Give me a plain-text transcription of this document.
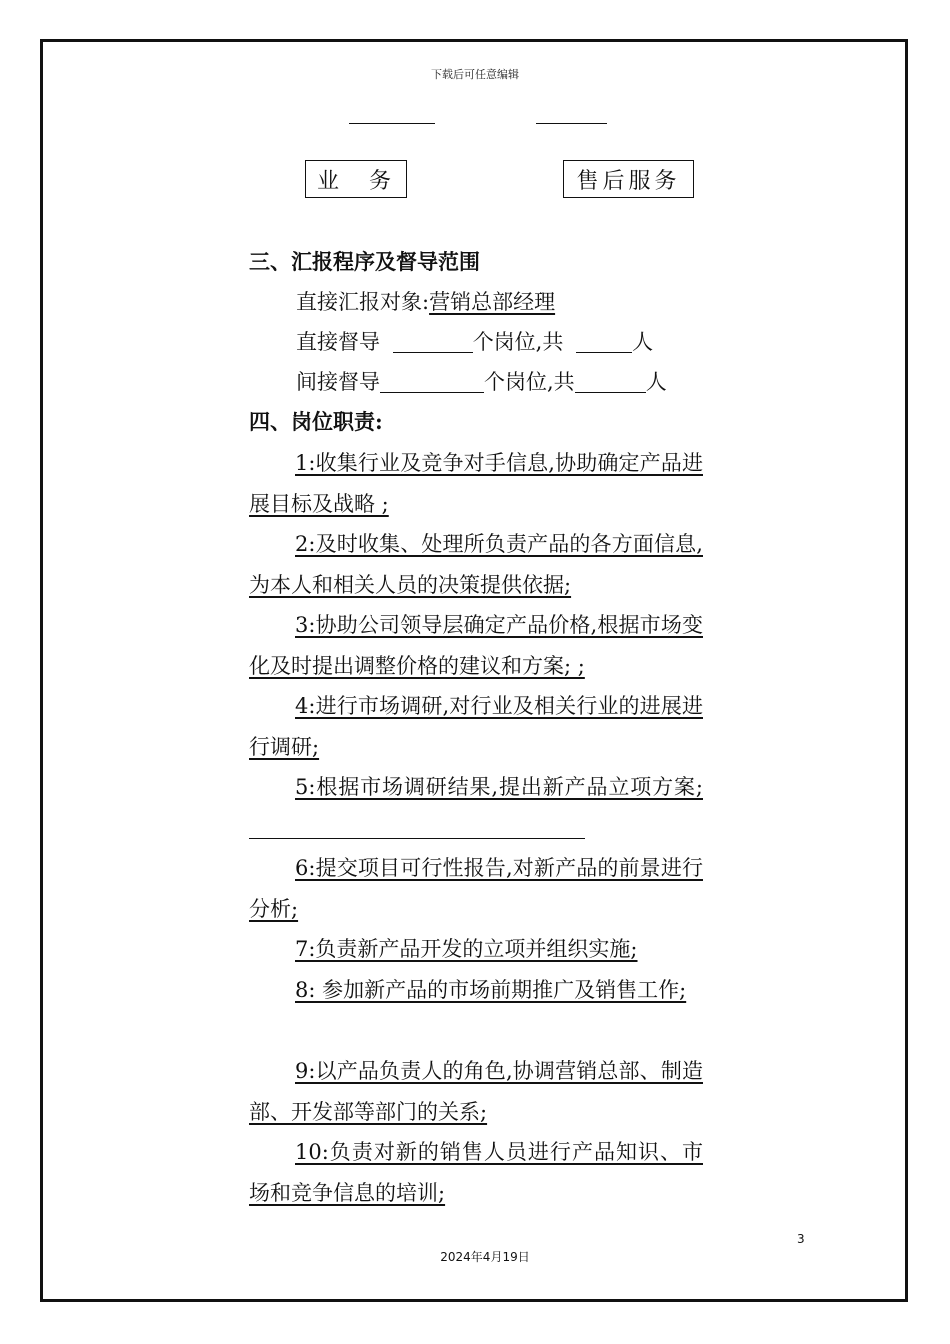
下载后可任意编辑
业　务	售后服务
三、汇报程序及督导范围
直接汇报对象:营销总部经理
直接督导	个岗位,共	人
间接督导	个岗位,共	人
四、岗位职责:
1:收集行业及竞争对手信息,协助确定产品进展目标及战略 ;
2:及时收集、处理所负责产品的各方面信息,为本人和相关人员的决策提供依据;
3:协助公司领导层确定产品价格,根据市场变化及时提出调整价格的建议和方案; ;
4:进行市场调研,对行业及相关行业的进展进行调研;
5:根据市场调研结果,提出新产品立项方案;
6:提交项目可行性报告,对新产品的前景进行分析;
7:负责新产品开发的立项并组织实施;
8: 参加新产品的市场前期推广及销售工作;
9:以产品负责人的角色,协调营销总部、制造部、开发部等部门的关系;
10:负责对新的销售人员进行产品知识、市场和竞争信息的培训;
3
2024年4月19日
